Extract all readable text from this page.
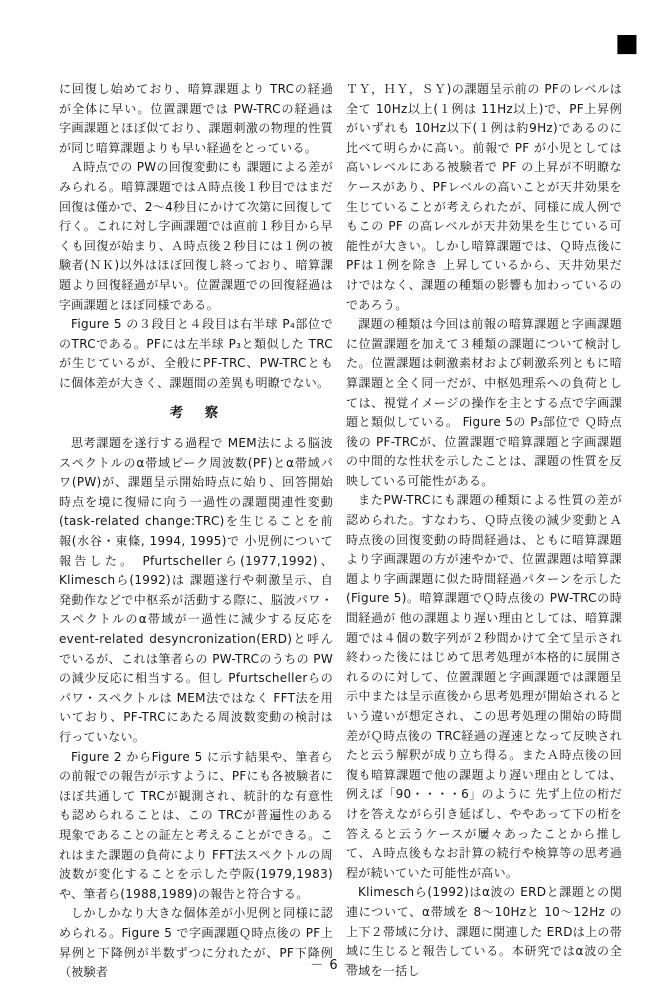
■

に回復し始めており、暗算課題より TRCの経過が全体に早い。位置課題では PW-TRCの経過は 字画課題とほぼ似ており、課題刺激の物理的性質が同じ暗算課題よりも早い経過をとっている。

Ａ時点での PWの回復変動にも 課題による差がみられる。暗算課題ではＡ時点後１秒目ではまだ回復は僅かで、2～4秒目にかけて次第に回復して行く。これに対し字画課題では直前１秒目から早くも回復が始まり、Ａ時点後２秒目には１例の被験者(ＮＫ)以外はほぼ回復し終っており、暗算課題より回復経過が早い。位置課題での回復経過は字画課題とほぼ同様である。

Figure 5 の３段目と４段目は右半球 P₄部位でのTRCである。PFには左半球 P₃と類似した TRCが生じているが、全般にPF-TRC、PW-TRCともに個体差が大きく、課題間の差異も明瞭でない。

考　察

思考課題を遂行する過程で MEM法による脳波スペクトルのα帯域ピーク周波数(PF)とα帯域パワ(PW)が、課題呈示開始時点に始り、回答開始時点を境に復帰に向う一過性の課題関連性変動 (task-related change:TRC)を生じることを前報(水谷・東條, 1994, 1995)で 小児例について報告した。 Pfurtschellerら(1977,1992)、Klimeschら(1992)は 課題遂行や刺激呈示、自発動作などで中枢系が活動する際に、脳波パワ・スペクトルのα帯域が一過性に減少する反応を event-related desyncronization(ERD)と呼んでいるが、これは筆者らの PW-TRCのうちの PWの減少反応に相当する。但し Pfurtschellerらのパワ・スペクトルは MEM法ではなく FFT法を用いており、PF-TRCにあたる周波数変動の検討は行っていない。

Figure 2 からFigure 5 に示す結果や、筆者らの前報での報告が示すように、PFにも各被験者にほぼ共通して TRCが観測され、統計的な有意性も認められることは、この TRCが普遍性のある現象であることの証左と考えることができる。これはまた課題の負荷により FFT法スペクトルの周波数が変化することを示した苧阪(1979,1983)や、筆者ら(1988,1989)の報告と符合する。

しかしかなり大きな個体差が小児例と同様に認められる。Figure 5 で字画課題Ｑ時点後の PF上昇例と下降例が半数ずつに分れたが、PF下降例（被験者

ＴＹ，ＨＹ，ＳＹ)の課題呈示前の PFのレベルは全て 10Hz以上(１例は 11Hz以上)で、PF上昇例がいずれも 10Hz以下(１例は約9Hz)であるのに比べて明らかに高い。前報で PF が小児としては高いレベルにある被験者で PF の上昇が不明瞭なケースがあり、PFレベルの高いことが天井効果を生じていることが考えられたが、同様に成人例でもこの PF の高レベルが天井効果を生じている可能性が大きい。しかし暗算課題では、Ｑ時点後に PFは１例を除き 上昇しているから、天井効果だけではなく、課題の種類の影響も加わっているのであろう。

課題の種類は今回は前報の暗算課題と字画課題に位置課題を加えて３種類の課題について検討した。位置課題は刺激素材および刺激系列ともに暗算課題と全く同一だが、中枢処理系への負荷としては、視覚イメージの操作を主とする点で字画課題と類似している。 Figure 5の P₃部位で Ｑ時点後の PF-TRCが、位置課題で暗算課題と字画課題の中間的な性状を示したことは、課題の性質を反映している可能性がある。

またPW-TRCにも課題の種類による性質の差が認められた。すなわち、Ｑ時点後の減少変動とＡ時点後の回復変動の時間経過は、ともに暗算課題より字画課題の方が速やかで、位置課題は暗算課題より字画課題に似た時間経過パターンを示した(Figure 5)。暗算課題でＱ時点後の PW-TRCの時間経過が 他の課題より遅い理由としては、暗算課題では４個の数字列が２秒間かけて全て呈示され終わった後にはじめて思考処理が本格的に展開されるのに対して、位置課題と字画課題では課題呈示中または呈示直後から思考処理が開始されるという違いが想定され、この思考処理の開始の時間差がＱ時点後の TRC経過の遅速となって反映されたと云う解釈が成り立ち得る。またＡ時点後の回復も暗算課題で他の課題より遅い理由としては、例えば「90・・・・6」のように 先ず上位の桁だけを答えながら引き延ばし、ややあって下の桁を答えると云うケースが屢々あったことから推して、Ａ時点後もなお計算の続行や検算等の思考過程が続いていた可能性が高い。

Klimeschら(1992)はα波の ERDと課題との関連について、α帯域を 8～10Hzと 10～12Hz の上下２帯域に分け、課題に関連した ERDは上の帯域に生じると報告している。本研究ではα波の全帯域を一括し

－ 6 －
